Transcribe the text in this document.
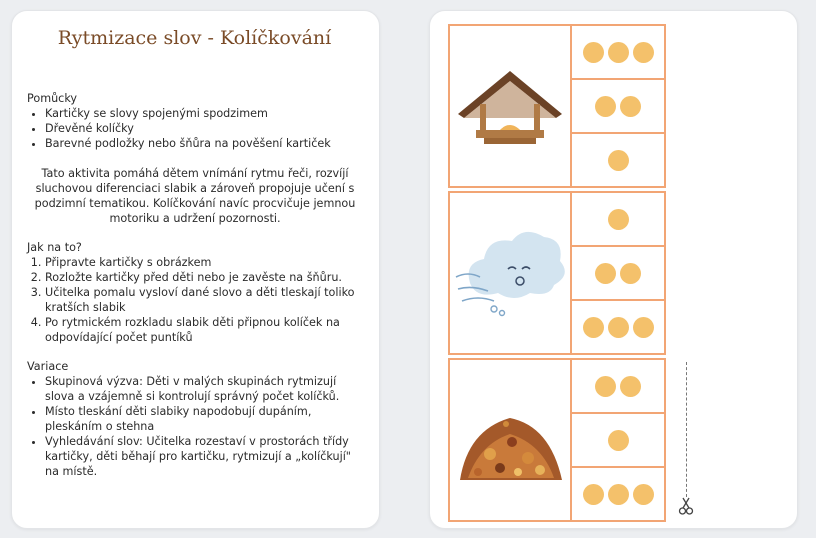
Rytmizace slov - Kolíčkování
Pomůcky
• Kartičky se slovy spojenými spodzimem
• Dřevěné kolíčky
• Barevné podložky nebo šňůra na pověšení kartiček
Tato aktivita pomáhá dětem vnímání rytmu řeči, rozvíjí sluchovou diferenciaci slabik a zároveň propojuje učení s podzimní tematikou. Kolíčkování navíc procvičuje jemnou motoriku a udržení pozornosti.
Jak na to?
1. Připravte kartičky s obrázkem
2. Rozložte kartičky před děti nebo je zavěste na šňůru.
3. Učitelka pomalu vysloví dané slovo a děti tleskají toliko kratších slabik
4. Po rytmickém rozkladu slabik děti připnou kolíček na odpovídající počet puntíků
Variace
• Skupinová výzva: Děti v malých skupinách rytmizují slova a vzájemně si kontrolují správný počet kolíčků.
• Místo tleskání děti slabiky napodobují dupáním, pleskáním o stehna
• Vyhledávání slov: Učitelka rozestaví v prostorách třídy kartičky, děti běhají pro kartičku, rytmizují a „kolíčkují" na místě.
